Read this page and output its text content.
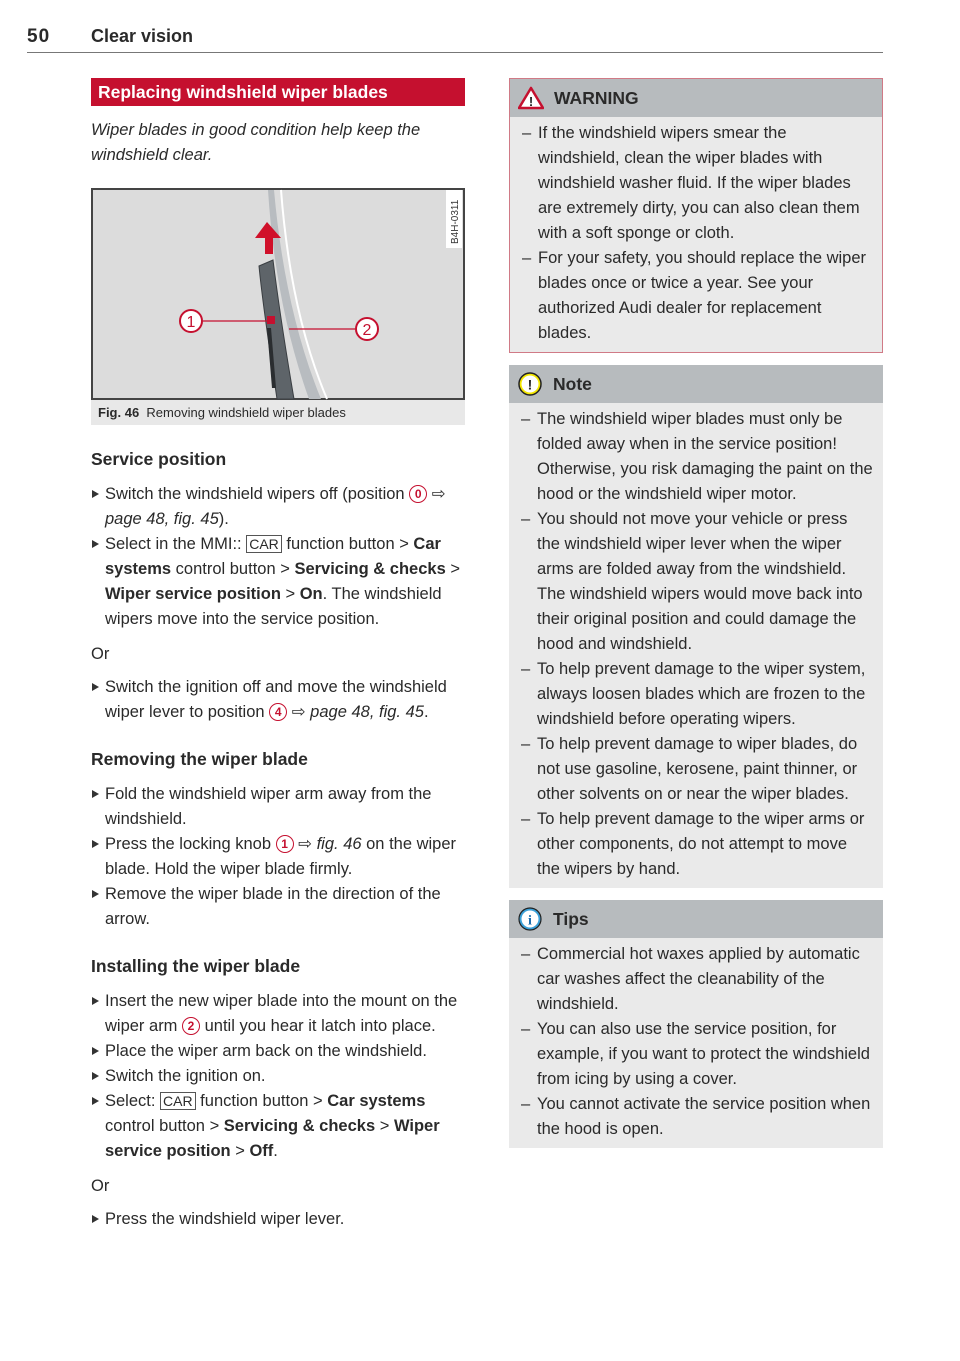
50 Clear vision
Replacing windshield wiper blades
Wiper blades in good condition help keep the windshield clear.
1	2
B4H-0311
Fig. 46 Removing windshield wiper blades
Service position
Switch the windshield wipers off (position 0 ⇨ page 48, fig. 45).
Select in the MMI:: CAR function button > Car systems control button > Servicing & checks > Wiper service position > On. The windshield wipers move into the service position.
Or
Switch the ignition off and move the windshield wiper lever to position 4 ⇨ page 48, fig. 45.
Removing the wiper blade
Fold the windshield wiper arm away from the windshield.
Press the locking knob 1 ⇨ fig. 46 on the wiper blade. Hold the wiper blade firmly.
Remove the wiper blade in the direction of the arrow.
Installing the wiper blade
Insert the new wiper blade into the mount on the wiper arm 2 until you hear it latch into place.
Place the wiper arm back on the windshield.
Switch the ignition on.
Select: CAR function button > Car systems control button > Servicing & checks > Wiper service position > Off.
Or
Press the windshield wiper lever.
! WARNING
– If the windshield wipers smear the windshield, clean the wiper blades with windshield washer fluid. If the wiper blades are extremely dirty, you can also clean them with a soft sponge or cloth.
– For your safety, you should replace the wiper blades once or twice a year. See your authorized Audi dealer for replacement blades.
! Note
– The windshield wiper blades must only be folded away when in the service position! Otherwise, you risk damaging the paint on the hood or the windshield wiper motor.
– You should not move your vehicle or press the windshield wiper lever when the wiper arms are folded away from the windshield. The windshield wipers would move back into their original position and could damage the hood and windshield.
– To help prevent damage to the wiper system, always loosen blades which are frozen to the windshield before operating wipers.
– To help prevent damage to wiper blades, do not use gasoline, kerosene, paint thinner, or other solvents on or near the wiper blades.
– To help prevent damage to the wiper arms or other components, do not attempt to move the wipers by hand.
i Tips
– Commercial hot waxes applied by automatic car washes affect the cleanability of the windshield.
– You can also use the service position, for example, if you want to protect the windshield from icing by using a cover.
– You cannot activate the service position when the hood is open.
